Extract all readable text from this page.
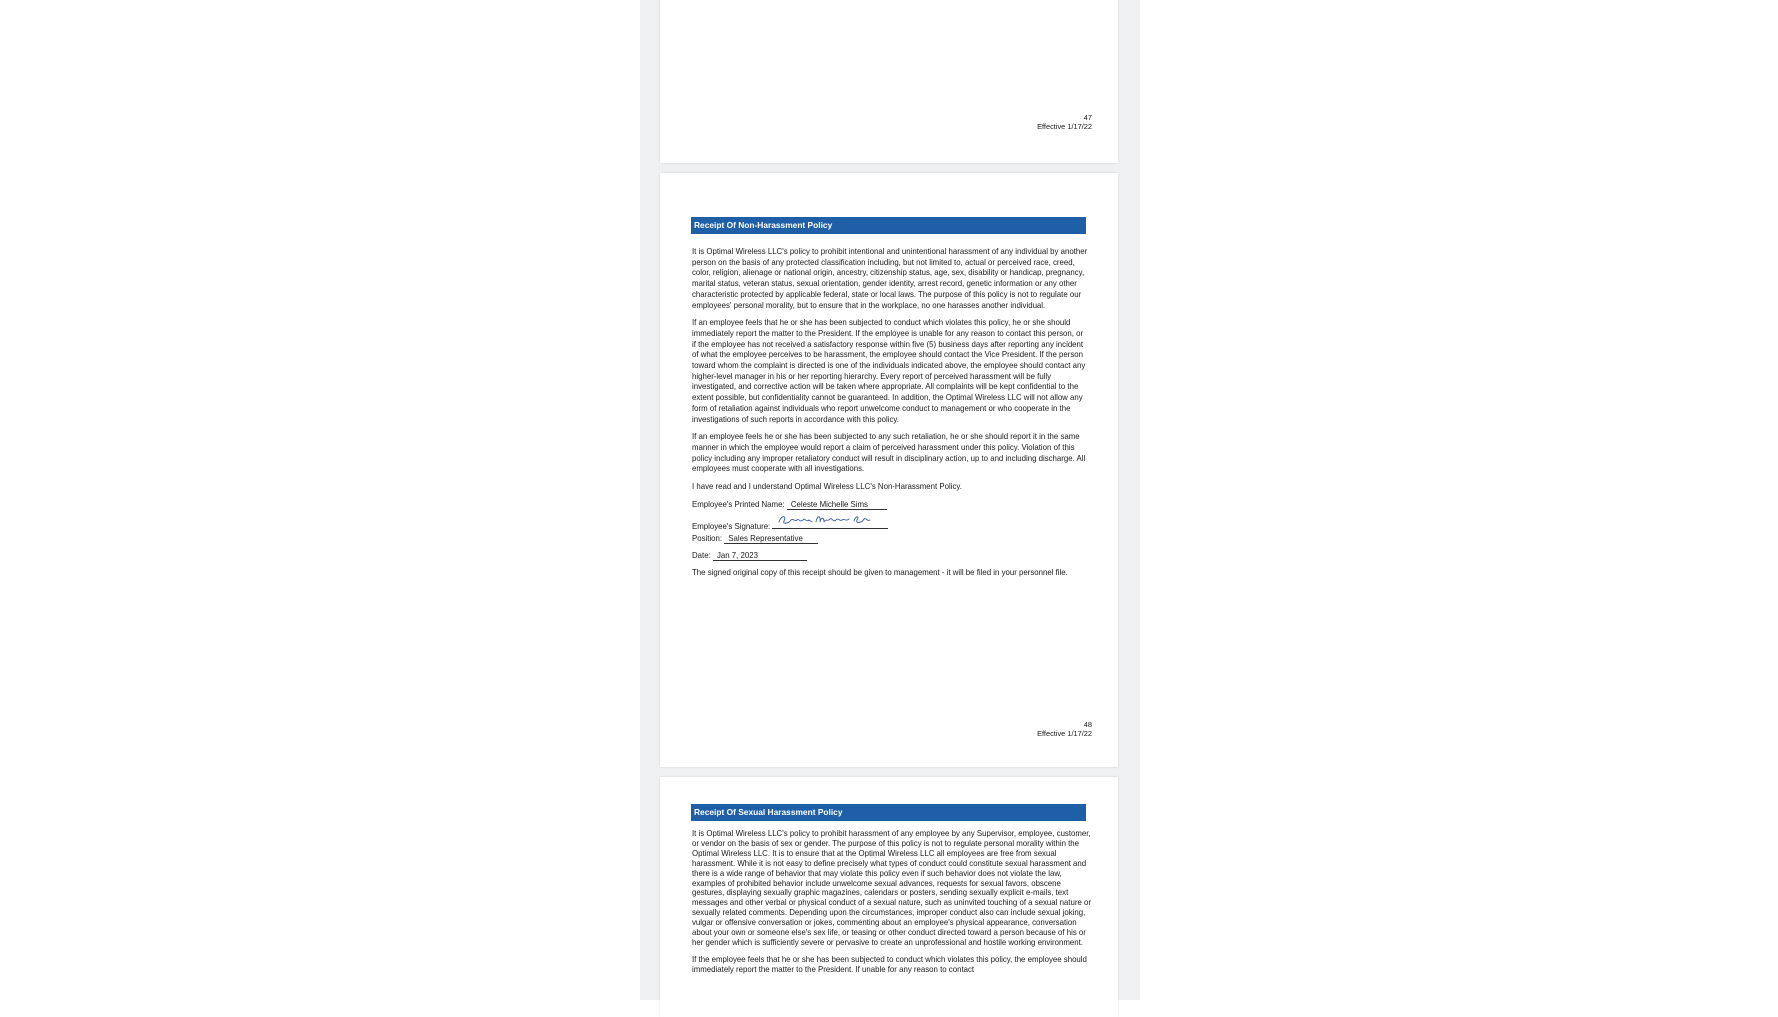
47
Effective 1/17/22
Receipt Of Non-Harassment Policy

It is Optimal Wireless LLC's policy to prohibit intentional and unintentional harassment of any individual by another person on the basis of any protected classification including, but not limited to, actual or perceived race, creed, color, religion, alienage or national origin, ancestry, citizenship status, age, sex, disability or handicap, pregnancy, marital status, veteran status, sexual orientation, gender identity, arrest record, genetic information or any other characteristic protected by applicable federal, state or local laws. The purpose of this policy is not to regulate our employees' personal morality, but to ensure that in the workplace, no one harasses another individual.

If an employee feels that he or she has been subjected to conduct which violates this policy, he or she should immediately report the matter to the President. If the employee is unable for any reason to contact this person, or if the employee has not received a satisfactory response within five (5) business days after reporting any incident of what the employee perceives to be harassment, the employee should contact the Vice President. If the person toward whom the complaint is directed is one of the individuals indicated above, the employee should contact any higher-level manager in his or her reporting hierarchy. Every report of perceived harassment will be fully investigated, and corrective action will be taken where appropriate. All complaints will be kept confidential to the extent possible, but confidentiality cannot be guaranteed. In addition, the Optimal Wireless LLC will not allow any form of retaliation against individuals who report unwelcome conduct to management or who cooperate in the investigations of such reports in accordance with this policy.

If an employee feels he or she has been subjected to any such retaliation, he or she should report it in the same manner in which the employee would report a claim of perceived harassment under this policy. Violation of this policy including any improper retaliatory conduct will result in disciplinary action, up to and including discharge. All employees must cooperate with all investigations.

I have read and I understand Optimal Wireless LLC's Non-Harassment Policy.

Employee's Printed Name: Celeste Michelle Sims
Employee's Signature:
Position: Sales Representative
Date: Jan 7, 2023

The signed original copy of this receipt should be given to management - it will be filed in your personnel file.

48
Effective 1/17/22
Receipt Of Sexual Harassment Policy

It is Optimal Wireless LLC's policy to prohibit harassment of any employee by any Supervisor, employee, customer, or vendor on the basis of sex or gender. The purpose of this policy is not to regulate personal morality within the Optimal Wireless LLC. It is to ensure that at the Optimal Wireless LLC all employees are free from sexual harassment. While it is not easy to define precisely what types of conduct could constitute sexual harassment and there is a wide range of behavior that may violate this policy even if such behavior does not violate the law, examples of prohibited behavior include unwelcome sexual advances, requests for sexual favors, obscene gestures, displaying sexually graphic magazines, calendars or posters, sending sexually explicit e-mails, text messages and other verbal or physical conduct of a sexual nature, such as uninvited touching of a sexual nature or sexually related comments. Depending upon the circumstances, improper conduct also can include sexual joking, vulgar or offensive conversation or jokes, commenting about an employee's physical appearance, conversation about your own or someone else's sex life, or teasing or other conduct directed toward a person because of his or her gender which is sufficiently severe or pervasive to create an unprofessional and hostile working environment.

If the employee feels that he or she has been subjected to conduct which violates this policy, the employee should immediately report the matter to the President. If unable for any reason to contact
